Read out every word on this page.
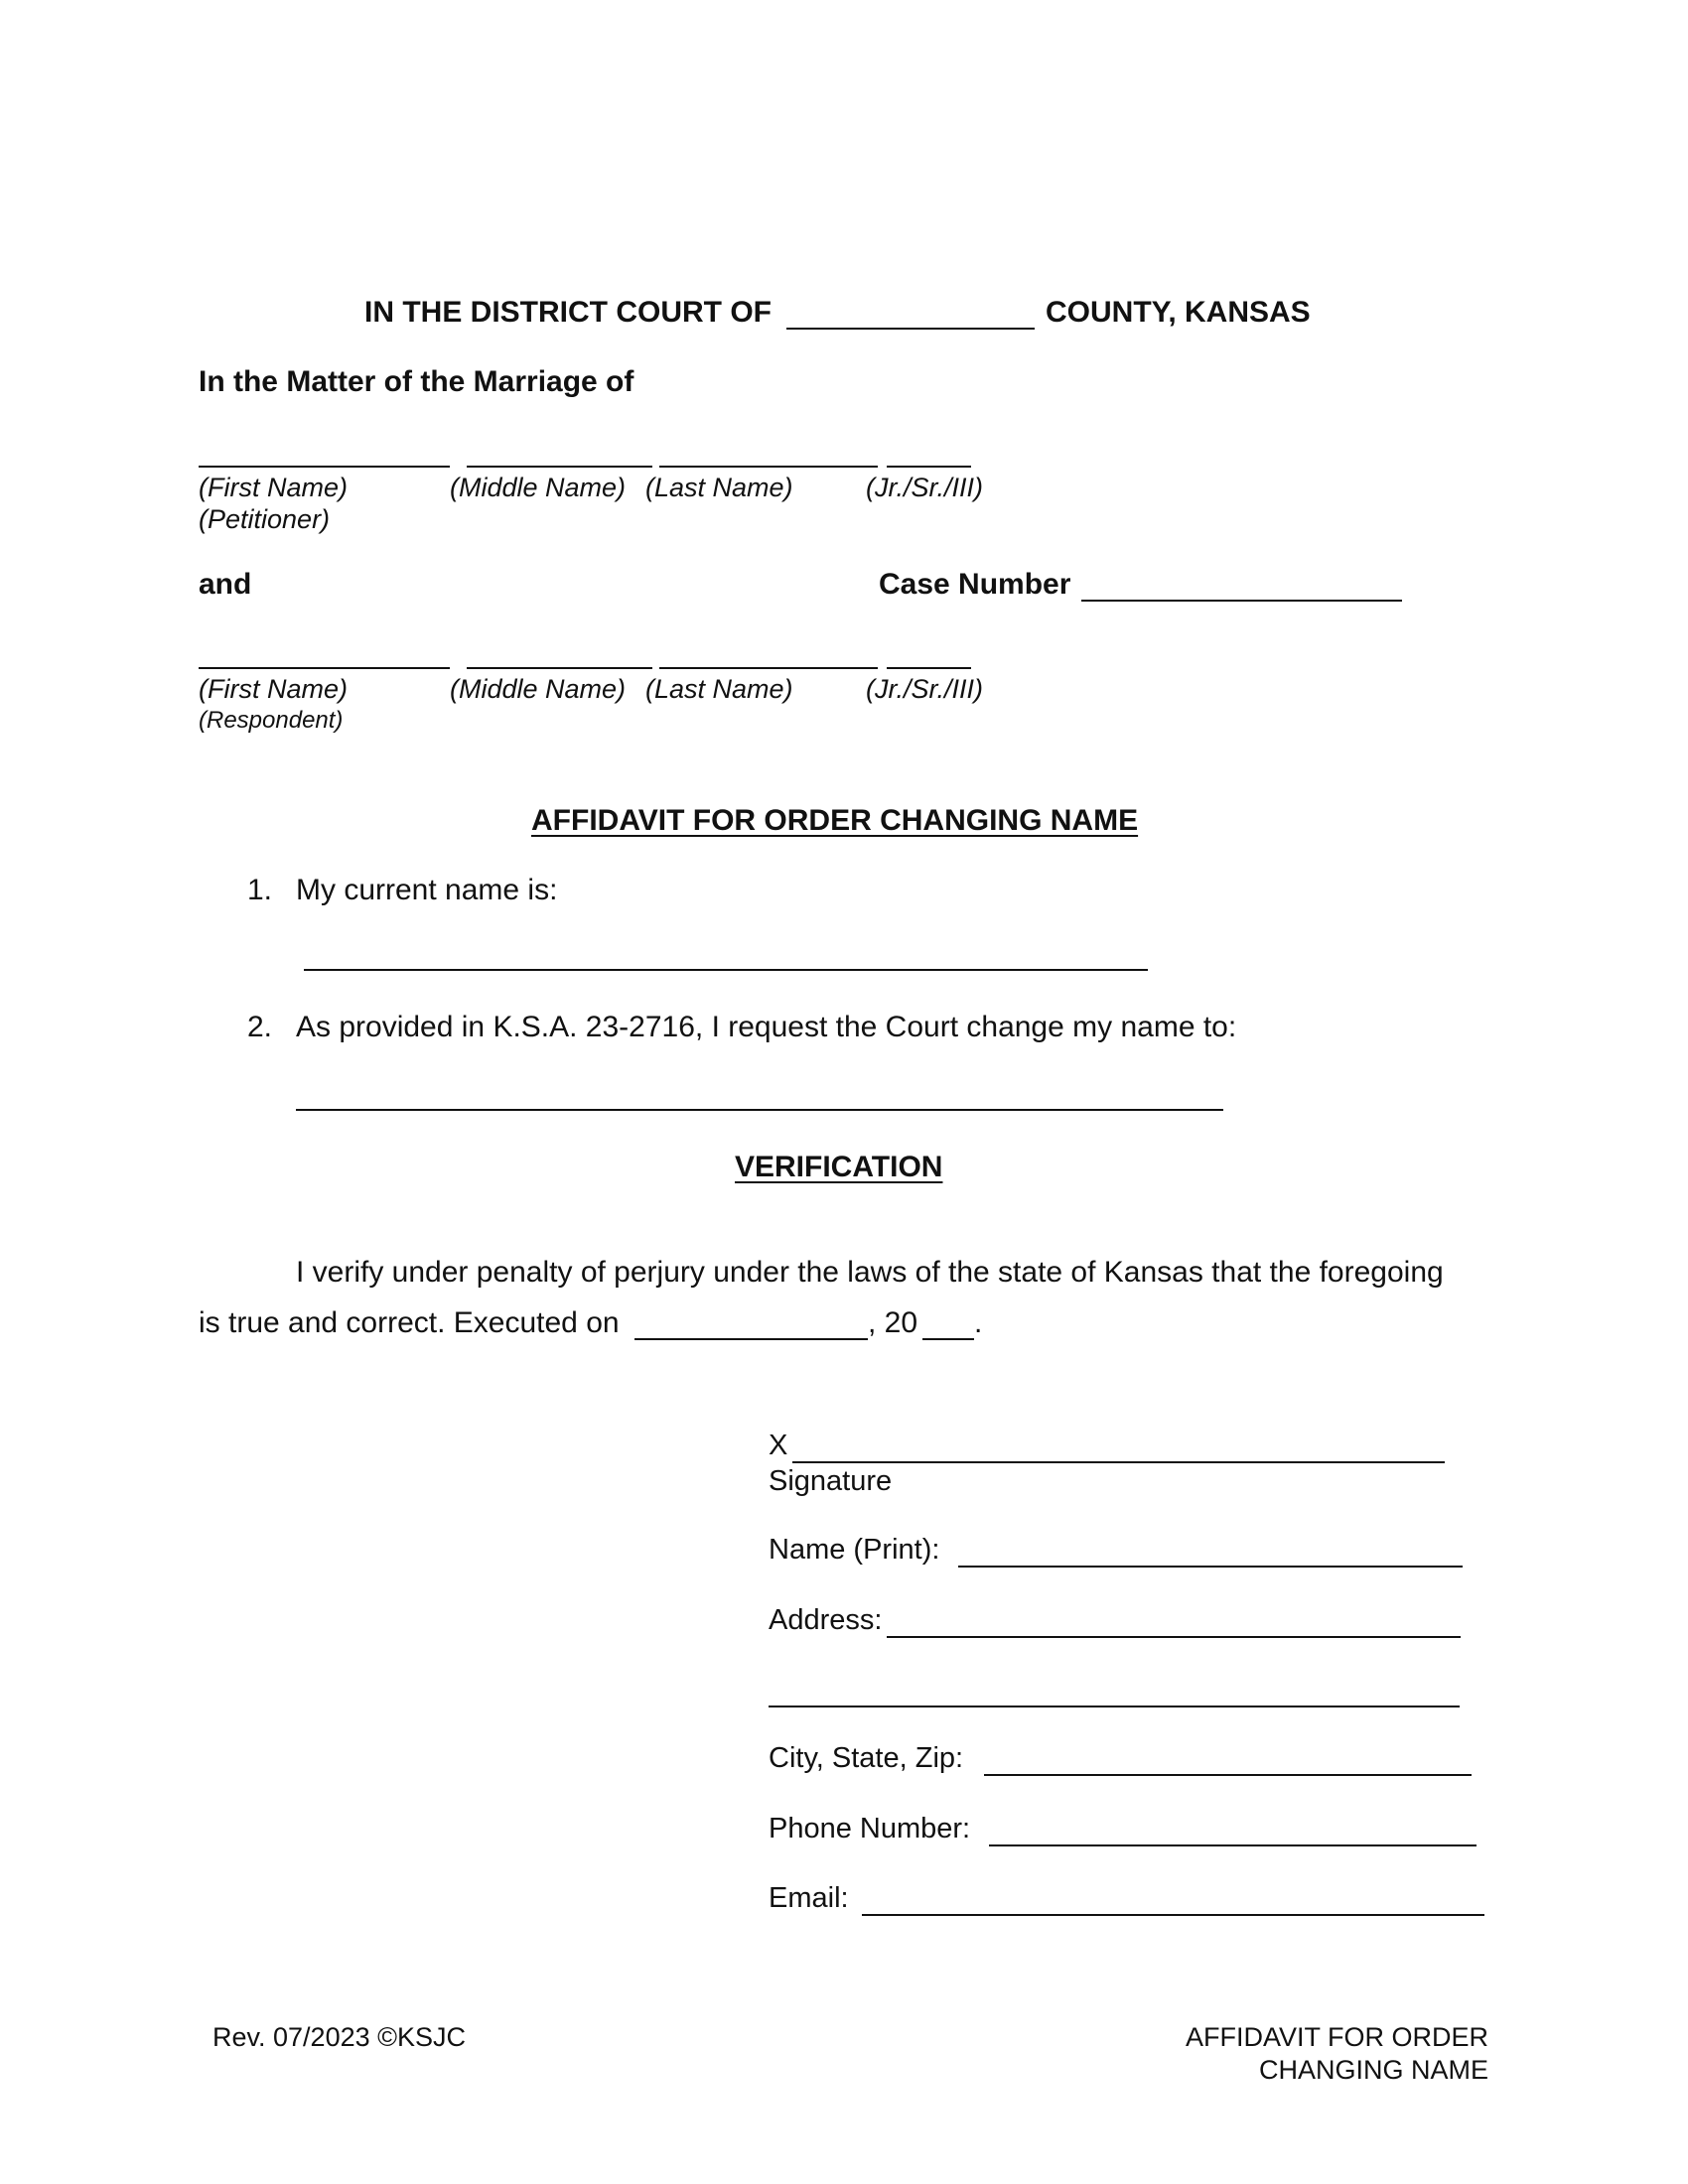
IN THE DISTRICT COURT OF	COUNTY, KANSAS
In the Matter of the Marriage of
(First Name)	(Middle Name) (Last Name)	(Jr./Sr./III)
(Petitioner)
and	Case Number
(First Name)	(Middle Name) (Last Name)	(Jr./Sr./III)
(Respondent)
AFFIDAVIT FOR ORDER CHANGING NAME
1. My current name is:
2. As provided in K.S.A. 23-2716, I request the Court change my name to:
VERIFICATION
I verify under penalty of perjury under the laws of the state of Kansas that the foregoing
is true and correct. Executed on	, 20 .
X
Signature
Name (Print):
Address:
City, State, Zip:
Phone Number:
Email:
Rev. 07/2023 ©KSJC	AFFIDAVIT FOR ORDER
CHANGING NAME
